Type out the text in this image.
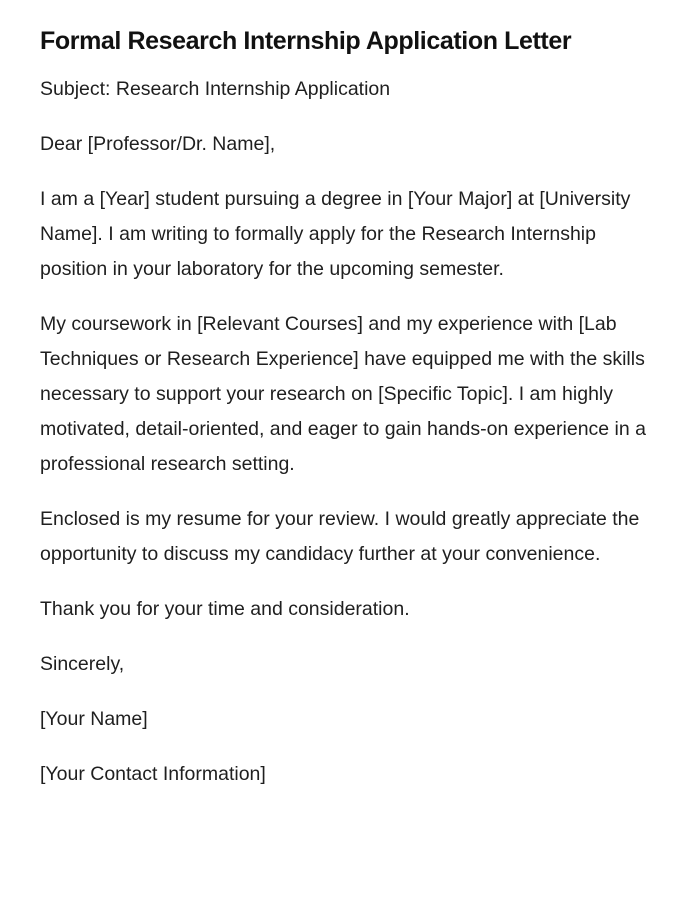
Formal Research Internship Application Letter

Subject: Research Internship Application

Dear [Professor/Dr. Name],

I am a [Year] student pursuing a degree in [Your Major] at [University Name]. I am writing to formally apply for the Research Internship position in your laboratory for the upcoming semester.

My coursework in [Relevant Courses] and my experience with [Lab Techniques or Research Experience] have equipped me with the skills necessary to support your research on [Specific Topic]. I am highly motivated, detail-oriented, and eager to gain hands-on experience in a professional research setting.

Enclosed is my resume for your review. I would greatly appreciate the opportunity to discuss my candidacy further at your convenience.

Thank you for your time and consideration.

Sincerely,

[Your Name]

[Your Contact Information]
